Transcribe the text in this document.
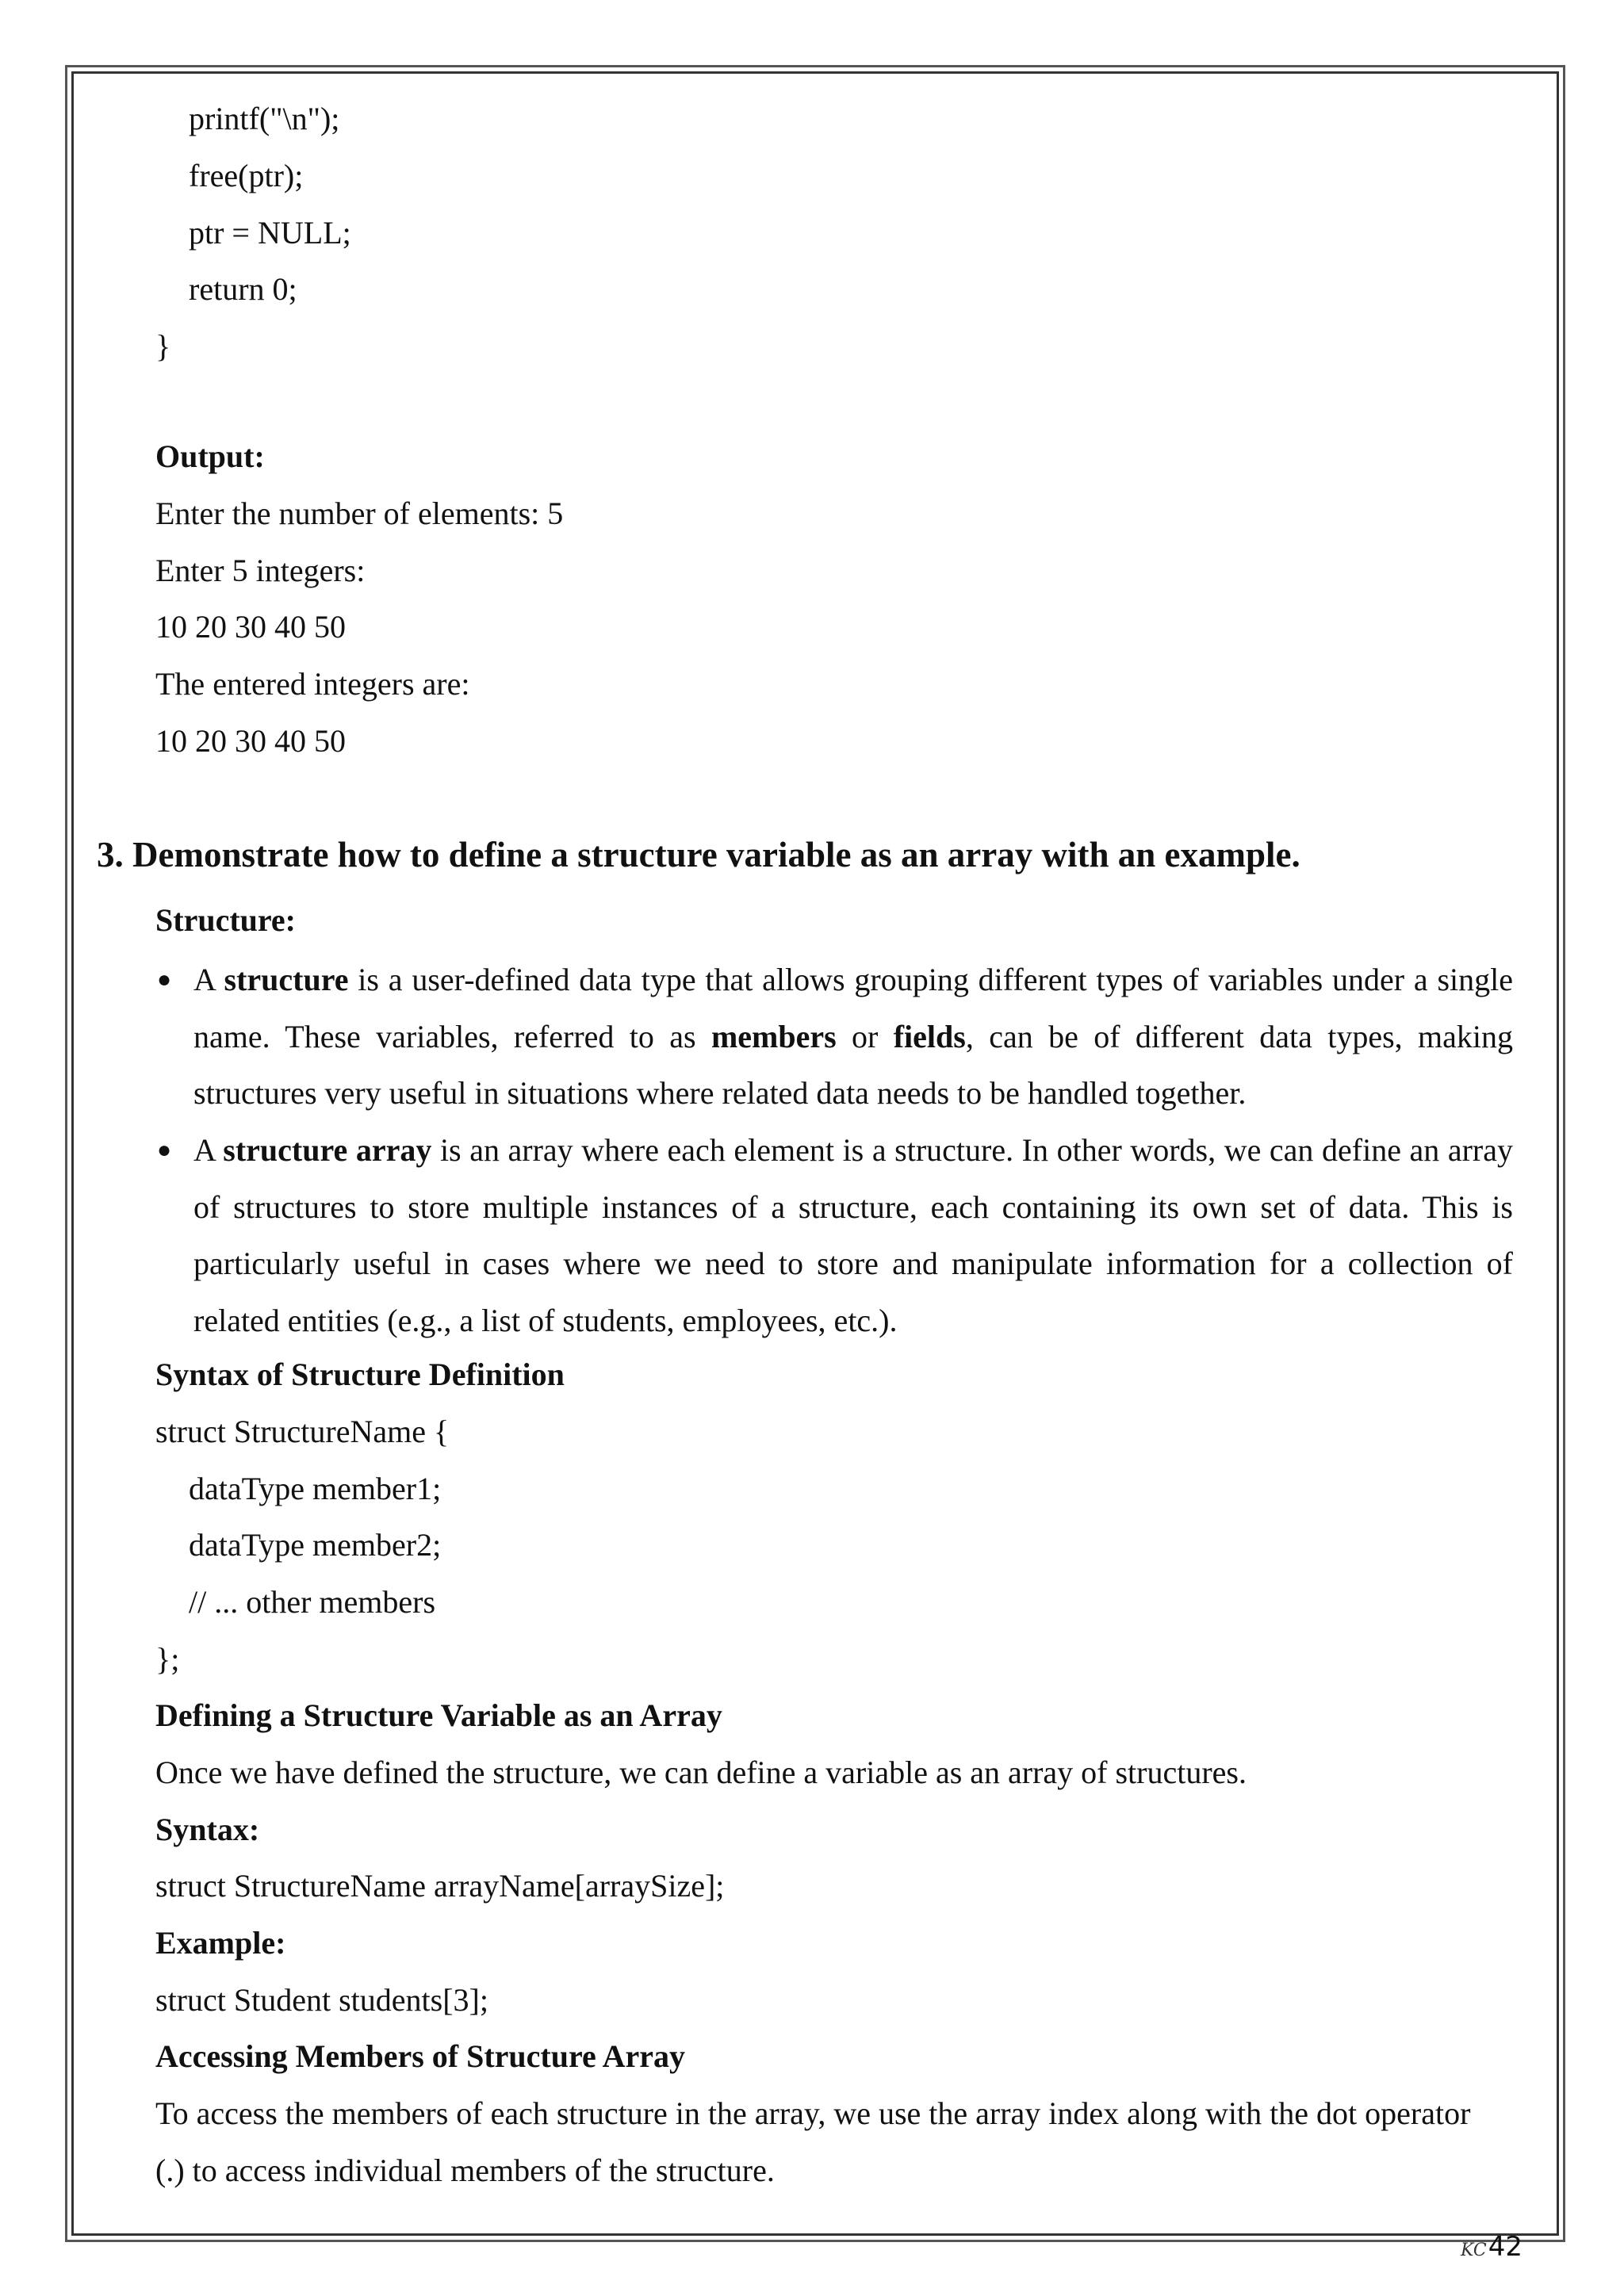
printf("\n");
free(ptr);
ptr = NULL;
return 0;
}
Output:
Enter the number of elements: 5
Enter 5 integers:
10 20 30 40 50
The entered integers are:
10 20 30 40 50
3. Demonstrate how to define a structure variable as an array with an example.
Structure:
● A structure is a user-defined data type that allows grouping different types of variables under a single name. These variables, referred to as members or fields, can be of different data types, making structures very useful in situations where related data needs to be handled together.
● A structure array is an array where each element is a structure. In other words, we can define an array of structures to store multiple instances of a structure, each containing its own set of data. This is particularly useful in cases where we need to store and manipulate information for a collection of related entities (e.g., a list of students, employees, etc.).
Syntax of Structure Definition
struct StructureName {
dataType member1;
dataType member2;
// ... other members
};
Defining a Structure Variable as an Array
Once we have defined the structure, we can define a variable as an array of structures.
Syntax:
struct StructureName arrayName[arraySize];
Example:
struct Student students[3];
Accessing Members of Structure Array
To access the members of each structure in the array, we use the array index along with the dot operator
(.) to access individual members of the structure.
KC42
